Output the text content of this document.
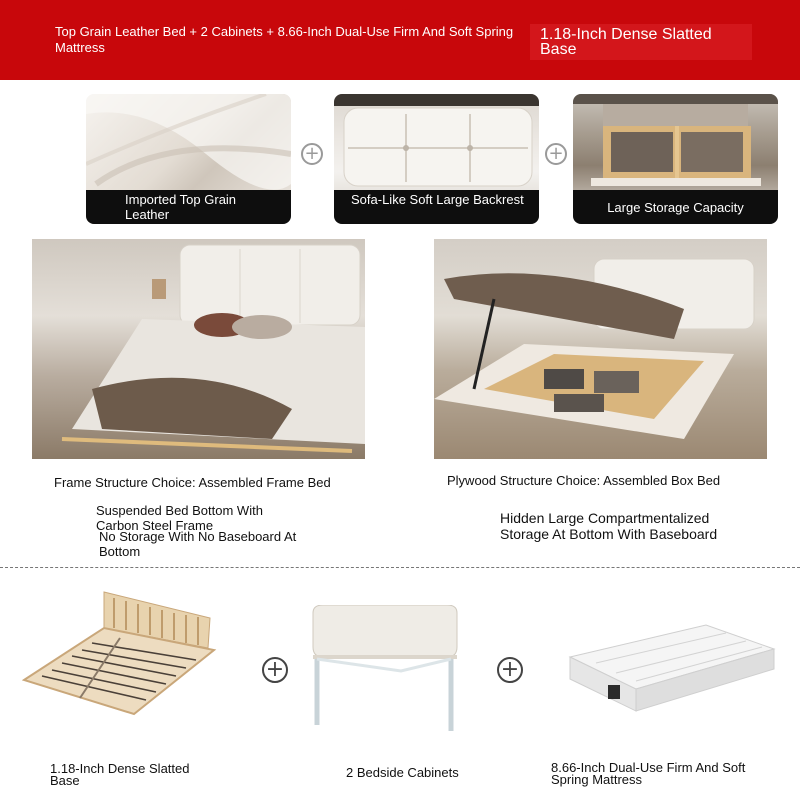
Top Grain Leather Bed + 2 Cabinets + 8.66-Inch Dual-Use Firm And Soft Spring Mattress
1.18-Inch Dense Slatted Base
Imported Top Grain Leather
+
Sofa-Like Soft Large Backrest
+
Large Storage Capacity
Frame Structure Choice: Assembled Frame Bed	Plywood Structure Choice: Assembled Box Bed
Suspended Bed Bottom With Carbon Steel Frame
No Storage With No Baseboard At Bottom
Hidden Large Compartmentalized Storage At Bottom With Baseboard
+	+
1.18-Inch Dense Slatted Base
2 Bedside Cabinets	8.66-Inch Dual-Use Firm And Soft Spring Mattress
